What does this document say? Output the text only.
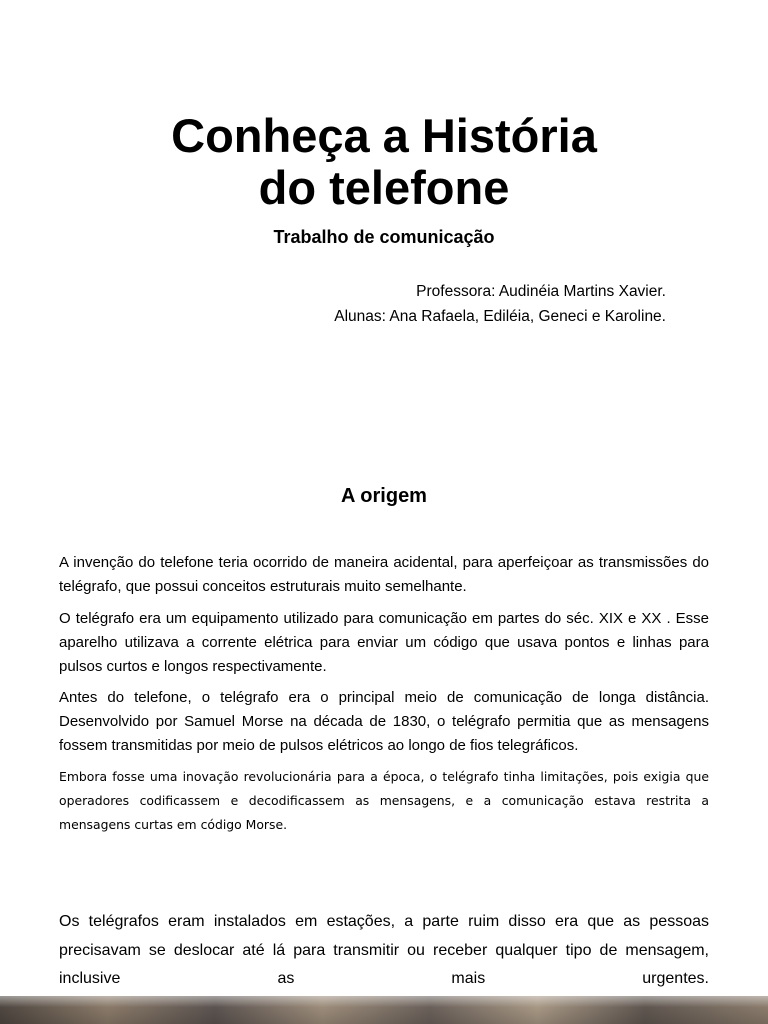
Conheça a História
do telefone
Trabalho de comunicação
Professora: Audinéia Martins Xavier.
Alunas: Ana Rafaela, Ediléia, Geneci e Karoline.
A origem

A invenção do telefone teria ocorrido de maneira acidental, para aperfeiçoar as transmissões do telégrafo, que possui conceitos estruturais muito semelhante.

O telégrafo era um equipamento utilizado para comunicação em partes do séc. XIX e XX . Esse aparelho utilizava a corrente elétrica para enviar um código que usava pontos e linhas para pulsos curtos e longos respectivamente.

Antes do telefone, o telégrafo era o principal meio de comunicação de longa distância. Desenvolvido por Samuel Morse na década de 1830, o telégrafo permitia que as mensagens fossem transmitidas por meio de pulsos elétricos ao longo de fios telegráficos.

Embora fosse uma inovação revolucionária para a época, o telégrafo tinha limitações, pois exigia que operadores codificassem e decodificassem as mensagens, e a comunicação estava restrita a mensagens curtas em código Morse.

Os telégrafos eram instalados em estações, a parte ruim disso era que as pessoas precisavam se deslocar até lá para transmitir ou receber qualquer tipo de mensagem, inclusive as mais urgentes.
